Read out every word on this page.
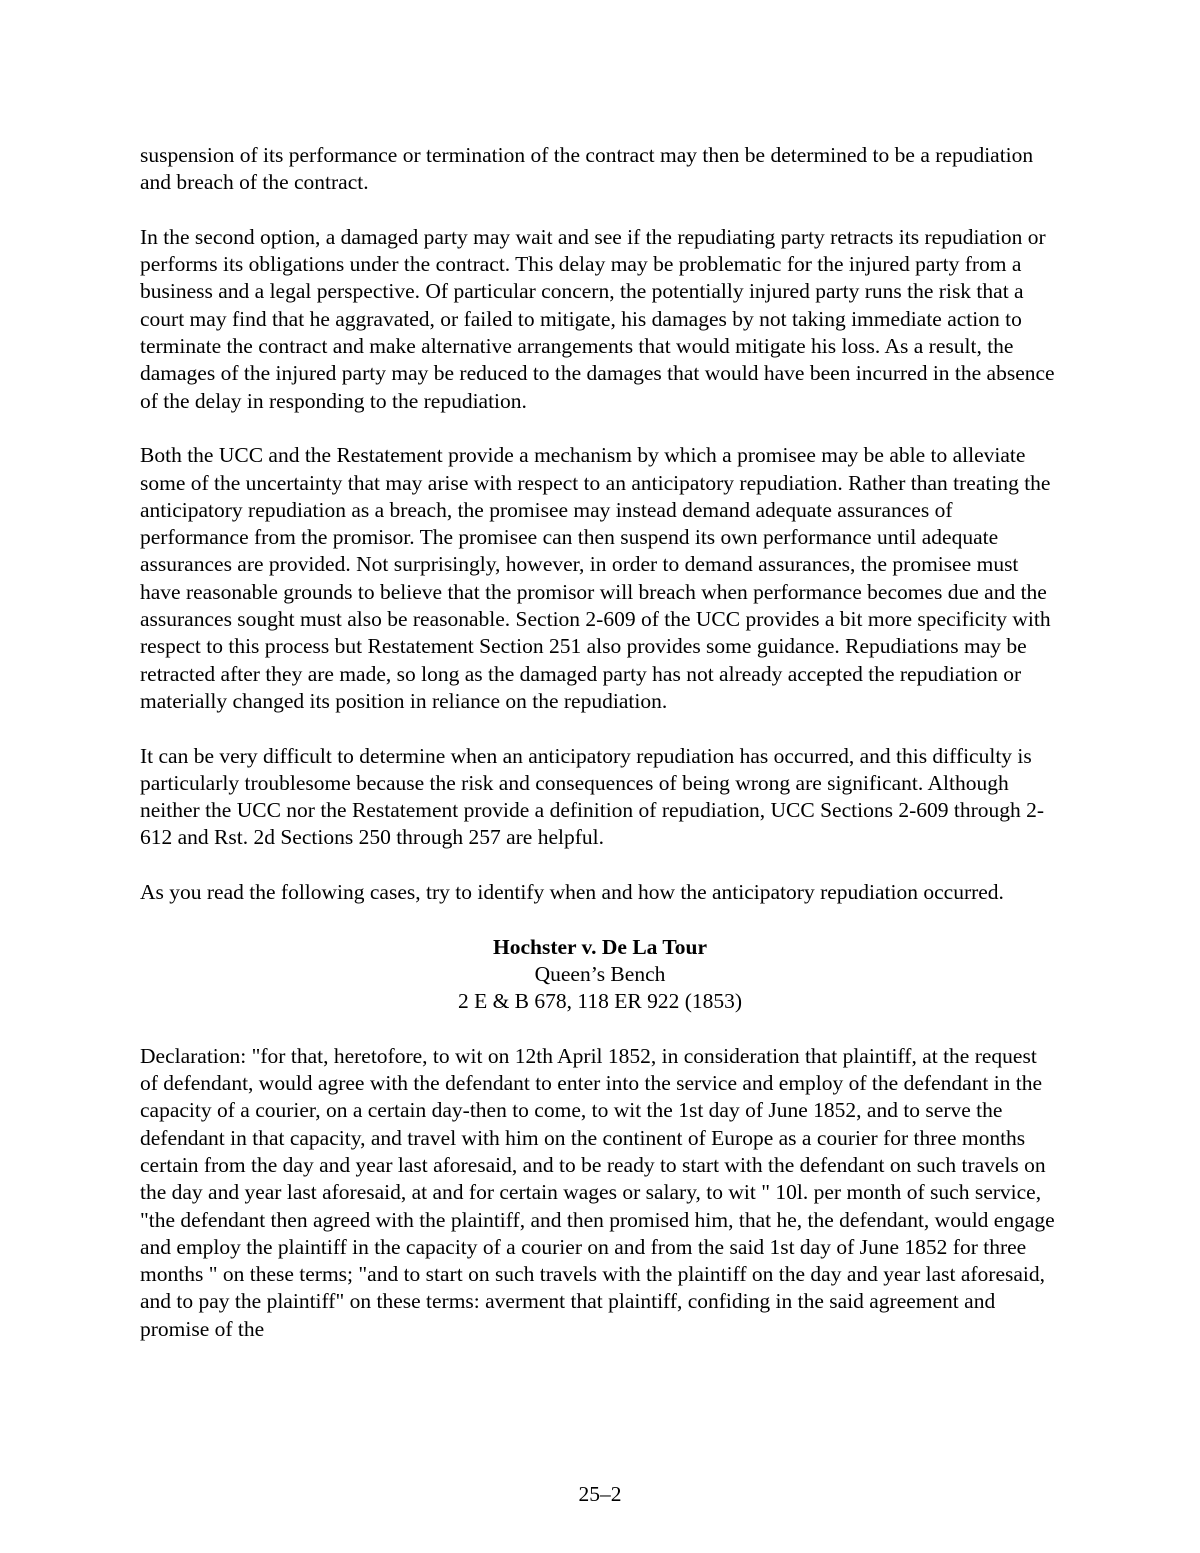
suspension of its performance or termination of the contract may then be determined to be a repudiation and breach of the contract.

In the second option, a damaged party may wait and see if the repudiating party retracts its repudiation or performs its obligations under the contract. This delay may be problematic for the injured party from a business and a legal perspective. Of particular concern, the potentially injured party runs the risk that a court may find that he aggravated, or failed to mitigate, his damages by not taking immediate action to terminate the contract and make alternative arrangements that would mitigate his loss. As a result, the damages of the injured party may be reduced to the damages that would have been incurred in the absence of the delay in responding to the repudiation.

Both the UCC and the Restatement provide a mechanism by which a promisee may be able to alleviate some of the uncertainty that may arise with respect to an anticipatory repudiation. Rather than treating the anticipatory repudiation as a breach, the promisee may instead demand adequate assurances of performance from the promisor. The promisee can then suspend its own performance until adequate assurances are provided. Not surprisingly, however, in order to demand assurances, the promisee must have reasonable grounds to believe that the promisor will breach when performance becomes due and the assurances sought must also be reasonable. Section 2-609 of the UCC provides a bit more specificity with respect to this process but Restatement Section 251 also provides some guidance. Repudiations may be retracted after they are made, so long as the damaged party has not already accepted the repudiation or materially changed its position in reliance on the repudiation.

It can be very difficult to determine when an anticipatory repudiation has occurred, and this difficulty is particularly troublesome because the risk and consequences of being wrong are significant. Although neither the UCC nor the Restatement provide a definition of repudiation, UCC Sections 2-609 through 2-612 and Rst. 2d Sections 250 through 257 are helpful.

As you read the following cases, try to identify when and how the anticipatory repudiation occurred.

Hochster v. De La Tour
Queen’s Bench
2 E & B 678, 118 ER 922 (1853)

Declaration: "for that, heretofore, to wit on 12th April 1852, in consideration that plaintiff, at the request of defendant, would agree with the defendant to enter into the service and employ of the defendant in the capacity of a courier, on a certain day-then to come, to wit the 1st day of June 1852, and to serve the defendant in that capacity, and travel with him on the continent of Europe as a courier for three months certain from the day and year last aforesaid, and to be ready to start with the defendant on such travels on the day and year last aforesaid, at and for certain wages or salary, to wit " 10l. per month of such service, "the defendant then agreed with the plaintiff, and then promised him, that he, the defendant, would engage and employ the plaintiff in the capacity of a courier on and from the said 1st day of June 1852 for three months " on these terms; "and to start on such travels with the plaintiff on the day and year last aforesaid, and to pay the plaintiff" on these terms: averment that plaintiff, confiding in the said agreement and promise of the

25–2
